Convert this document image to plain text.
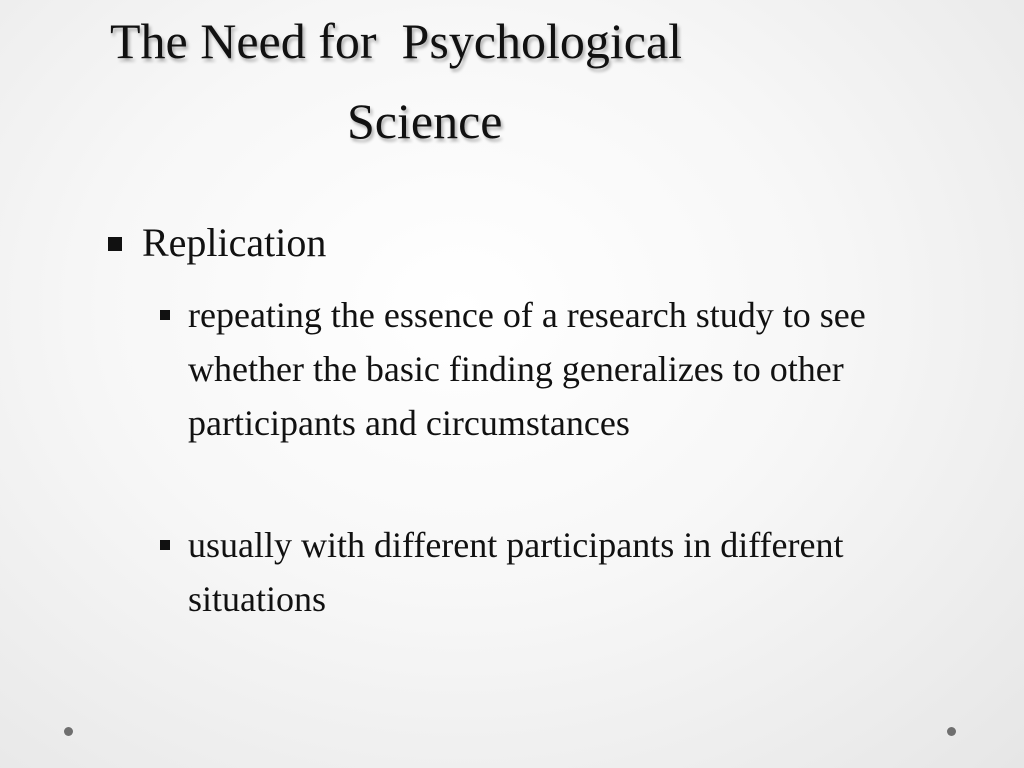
The Need for  Psychological
Science
Replication
repeating the essence of a research study to see whether the basic finding generalizes to other participants and circumstances
usually with different participants in different situations
